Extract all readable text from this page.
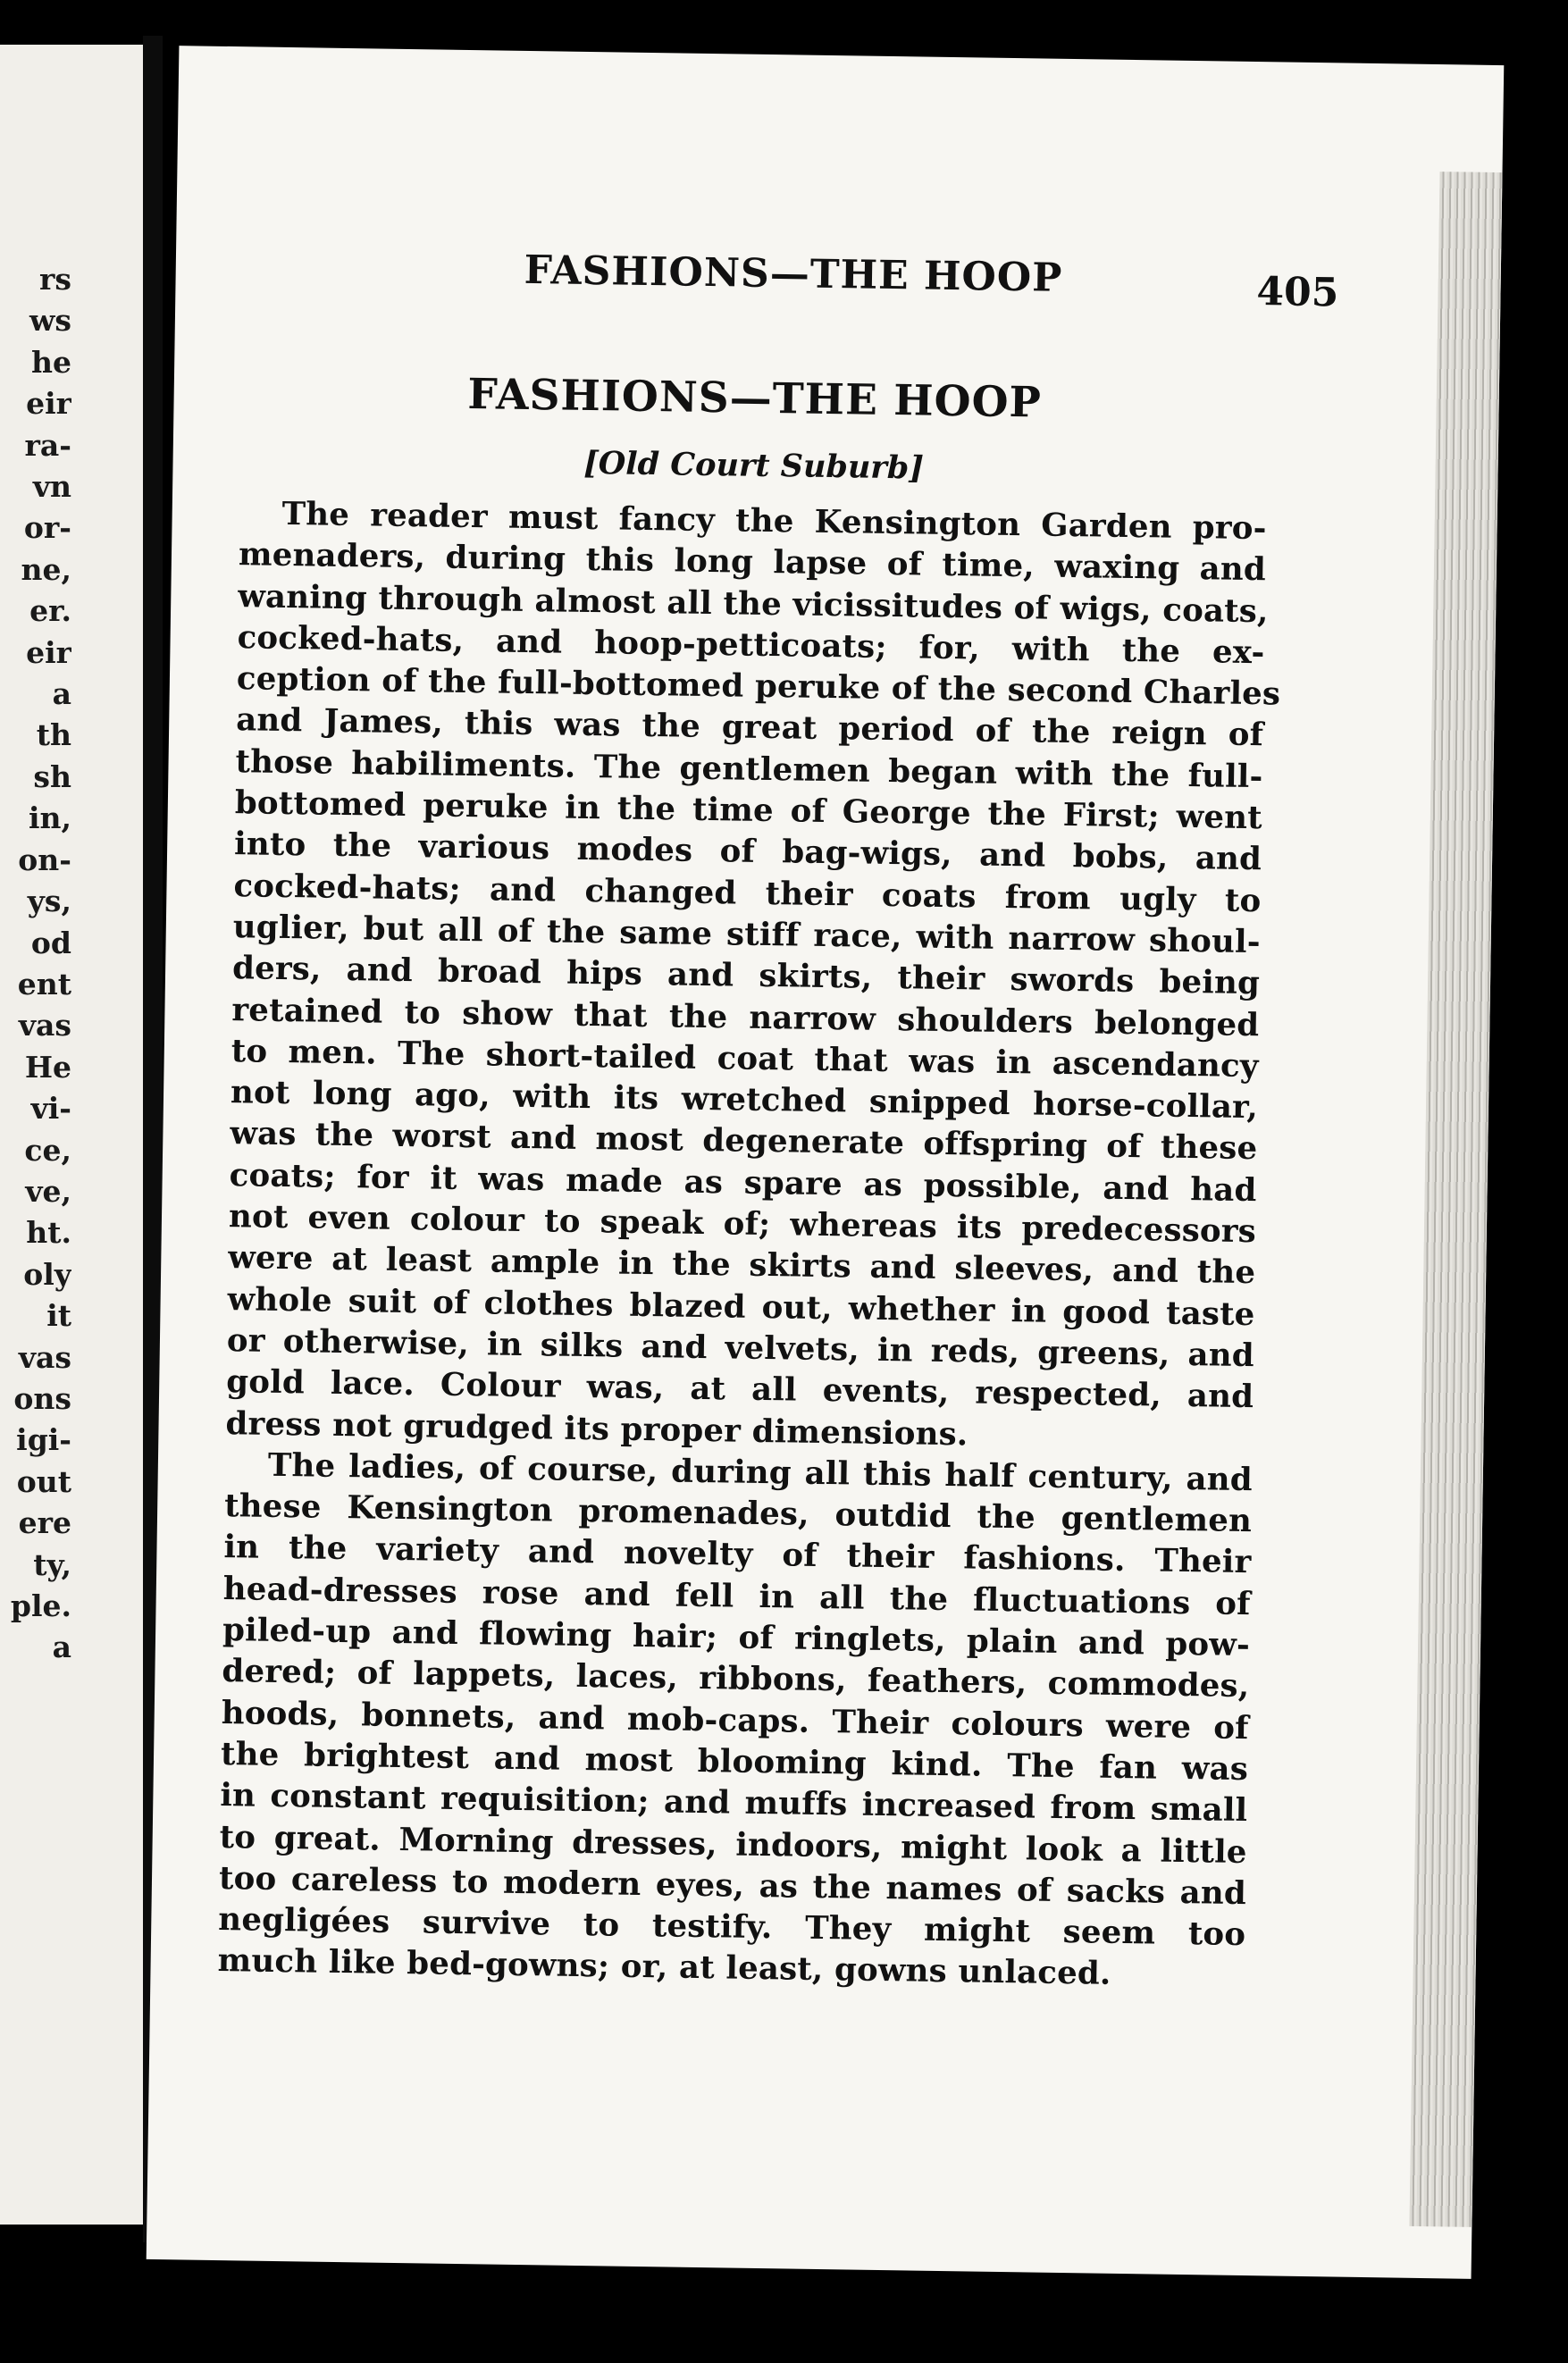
rs
ws
he
eir
ra-
vn
or-
ne,
er.
eir
a
th
sh
in,
on-
ys,
od
ent
vas
He
vi-
ce,
ve,
ht.
oly
it
vas
ons
igi-
out
ere
ty,
ple.
a
FASHIONS—THE HOOP	405
FASHIONS—THE HOOP
[Old Court Suburb]
The reader must fancy the Kensington Garden pro-
menaders, during this long lapse of time, waxing and
waning through almost all the vicissitudes of wigs, coats,
cocked-hats, and hoop-petticoats; for, with the ex-
ception of the full-bottomed peruke of the second Charles
and James, this was the great period of the reign of
those habiliments. The gentlemen began with the full-
bottomed peruke in the time of George the First; went
into the various modes of bag-wigs, and bobs, and
cocked-hats; and changed their coats from ugly to
uglier, but all of the same stiff race, with narrow shoul-
ders, and broad hips and skirts, their swords being
retained to show that the narrow shoulders belonged
to men. The short-tailed coat that was in ascendancy
not long ago, with its wretched snipped horse-collar,
was the worst and most degenerate offspring of these
coats; for it was made as spare as possible, and had
not even colour to speak of; whereas its predecessors
were at least ample in the skirts and sleeves, and the
whole suit of clothes blazed out, whether in good taste
or otherwise, in silks and velvets, in reds, greens, and
gold lace. Colour was, at all events, respected, and
dress not grudged its proper dimensions.
The ladies, of course, during all this half century, and
these Kensington promenades, outdid the gentlemen
in the variety and novelty of their fashions. Their
head-dresses rose and fell in all the fluctuations of
piled-up and flowing hair; of ringlets, plain and pow-
dered; of lappets, laces, ribbons, feathers, commodes,
hoods, bonnets, and mob-caps. Their colours were of
the brightest and most blooming kind. The fan was
in constant requisition; and muffs increased from small
to great. Morning dresses, indoors, might look a little
too careless to modern eyes, as the names of sacks and
negligées survive to testify. They might seem too
much like bed-gowns; or, at least, gowns unlaced.
